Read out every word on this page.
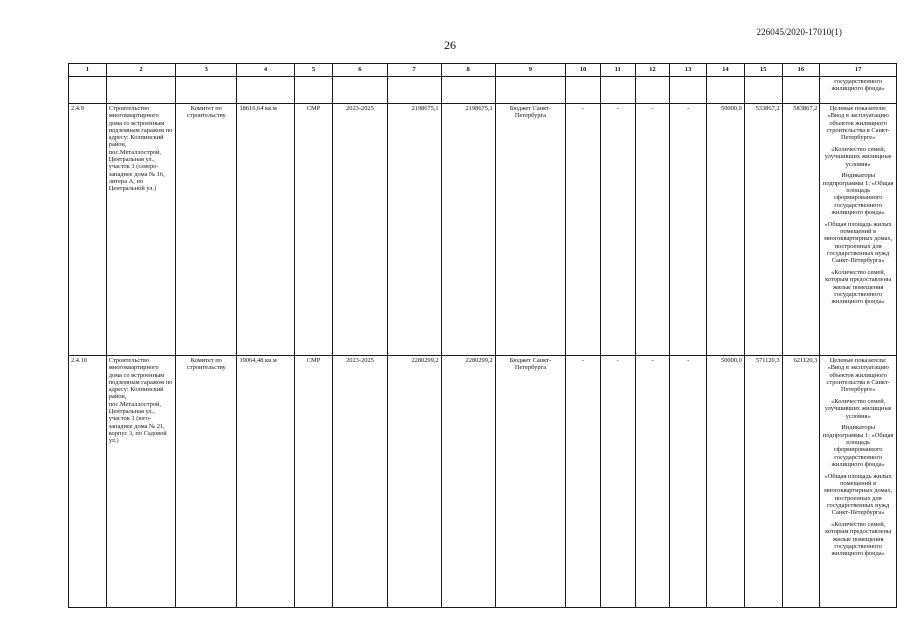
226045/2020-17010(1)
26
1	2	3	4	5	6	7	8	9	10	11	12	13	14	15	16	17

																государственного жилищного фонда»

2.4.9	Строительство многоквартирного дома со встроенным подземным гаражом по адресу: Колпинский район, пос.Металлострой, Центральная ул., участок 1 (северо-западнее дома № 16, литера А, по Центральной ул.)	Комитет по строительству	18616,64 кв.м	СМР	2023-2025	2198675,1	2198675,1	Бюджет Санкт-Петербурга	-	-	-	-	50000,0	533867,2	583867,2	Целевые показатели: «Ввод в эксплуатацию объектов жилищного строительства в Санкт-Петербурге»

«Количество семей, улучшивших жилищные условия»

Индикаторы подпрограммы 1: «Общая площадь сформированного государственного жилищного фонда»

«Общая площадь жилых помещений в многоквартирных домах, построенных для государственных нужд Санкт-Петербурга»

«Количество семей, которым предоставлены жилые помещения государственного жилищного фонда»

2.4.10	Строительство многоквартирного дома со встроенным подземным гаражом по адресу: Колпинский район, пос.Металлострой, Центральная ул., участок 1 (юго-западнее дома № 21, корпус 3, по Садовой ул.)	Комитет по строительству	19064,48 кв.м	СМР	2023-2025	2280299,2	2280299,2	Бюджет Санкт-Петербурга	-	-	-	-	50000,0	571120,3	621120,3	Целевые показатели: «Ввод в эксплуатацию объектов жилищного строительства в Санкт-Петербурге»

«Количество семей, улучшивших жилищные условия»

Индикаторы подпрограммы 1: «Общая площадь сформированного государственного жилищного фонда»

«Общая площадь жилых помещений в многоквартирных домах, построенных для государственных нужд Санкт-Петербурга»

«Количество семей, которым предоставлены жилые помещения государственного жилищного фонда»
